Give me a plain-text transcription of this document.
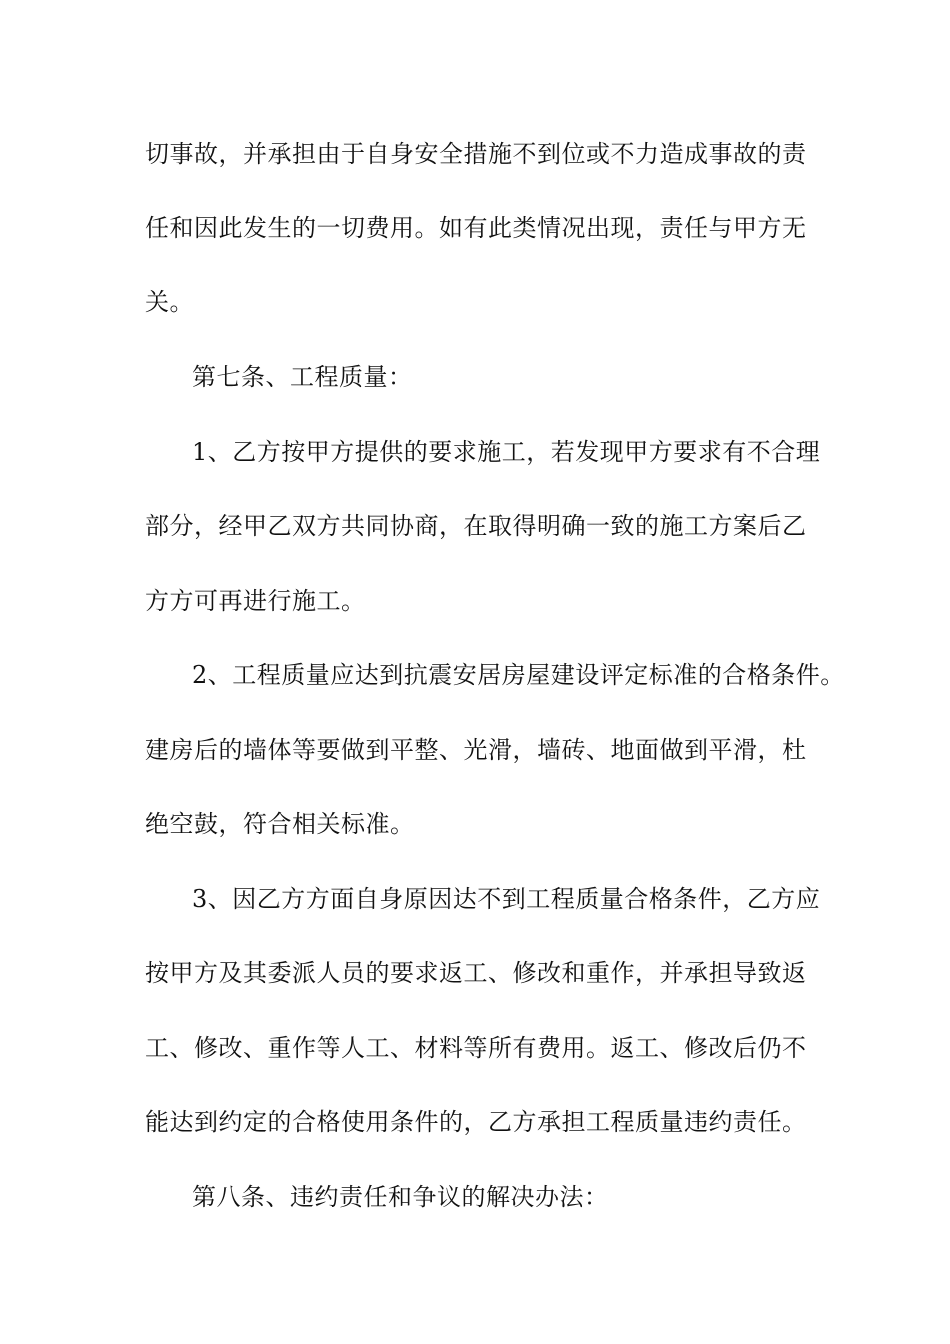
切事故，并承担由于自身安全措施不到位或不力造成事故的责
任和因此发生的一切费用。如有此类情况出现，责任与甲方无
关。
第七条、工程质量：
1、乙方按甲方提供的要求施工，若发现甲方要求有不合理
部分，经甲乙双方共同协商，在取得明确一致的施工方案后乙
方方可再进行施工。
2、工程质量应达到抗震安居房屋建设评定标准的合格条件。
建房后的墙体等要做到平整、光滑，墙砖、地面做到平滑，杜
绝空鼓，符合相关标准。
3、因乙方方面自身原因达不到工程质量合格条件，乙方应
按甲方及其委派人员的要求返工、修改和重作，并承担导致返
工、修改、重作等人工、材料等所有费用。返工、修改后仍不
能达到约定的合格使用条件的，乙方承担工程质量违约责任。
第八条、违约责任和争议的解决办法：
